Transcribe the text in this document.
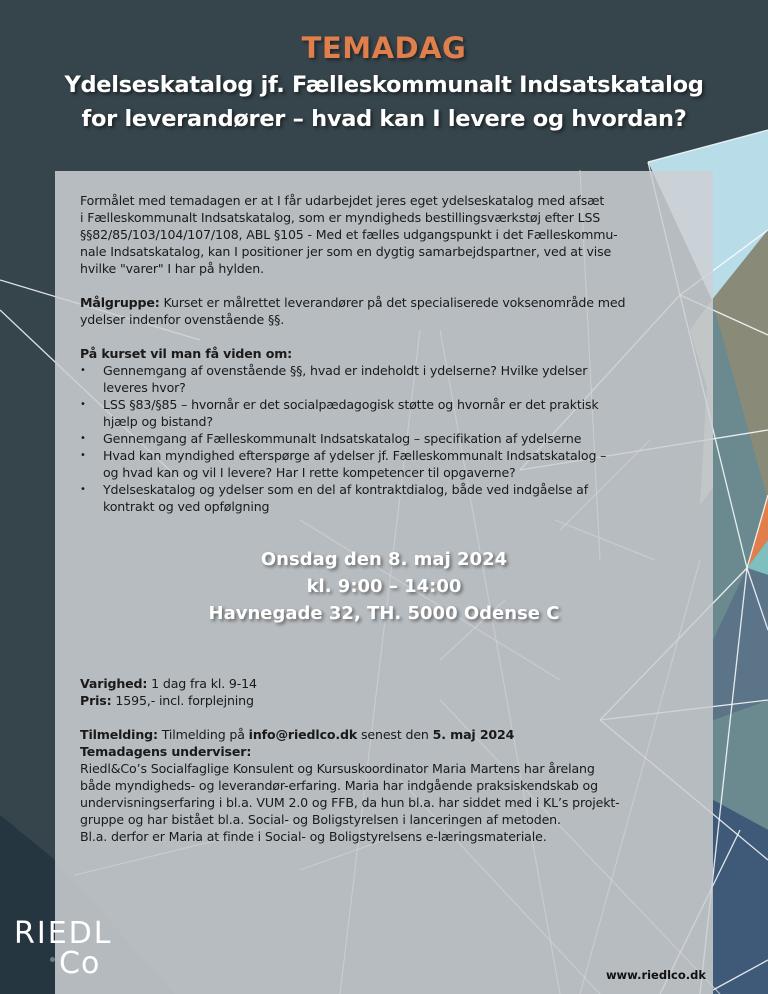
TEMADAG
Ydelseskatalog jf. Fælleskommunalt Indsatskatalog
for leverandører – hvad kan I levere og hvordan?

Formålet med temadagen er at I får udarbejdet jeres eget ydelseskatalog med afsæt
i Fælleskommunalt Indsatskatalog, som er myndigheds bestillingsværkstøj efter LSS
§§82/85/103/104/107/108, ABL §105 - Med et fælles udgangspunkt i det Fælleskommu-
nale Indsatskatalog, kan I positioner jer som en dygtig samarbejdspartner, ved at vise
hvilke "varer" I har på hylden.

Målgruppe: Kurset er målrettet leverandører på det specialiserede voksenområde med
ydelser indenfor ovenstående §§.

På kurset vil man få viden om:

• Gennemgang af ovenstående §§, hvad er indeholdt i ydelserne? Hvilke ydelser
leveres hvor?
• LSS §83/§85 – hvornår er det socialpædagogisk støtte og hvornår er det praktisk
hjælp og bistand?
• Gennemgang af Fælleskommunalt Indsatskatalog – specifikation af ydelserne
• Hvad kan myndighed efterspørge af ydelser jf. Fælleskommunalt Indsatskatalog –
og hvad kan og vil I levere? Har I rette kompetencer til opgaverne?
• Ydelseskatalog og ydelser som en del af kontraktdialog, både ved indgåelse af
kontrakt og ved opfølgning
Onsdag den 8. maj 2024
kl. 9:00 – 14:00
Havnegade 32, TH. 5000 Odense C

Varighed: 1 dag fra kl. 9-14

Pris: 1595,- incl. forplejning

Tilmelding: Tilmelding på info@riedlco.dk senest den 5. maj 2024

Temadagens underviser:

Riedl&Co’s Socialfaglige Konsulent og Kursuskoordinator Maria Martens har årelang
både myndigheds- og leverandør-erfaring. Maria har indgående praksiskendskab og
undervisningserfaring i bl.a. VUM 2.0 og FFB, da hun bl.a. har siddet med i KL’s projekt-
gruppe og har bistået bl.a. Social- og Boligstyrelsen i lanceringen af metoden.
Bl.a. derfor er Maria at finde i Social- og Boligstyrelsens e-læringsmateriale.

RIEDL
Co	www.riedlco.dk
